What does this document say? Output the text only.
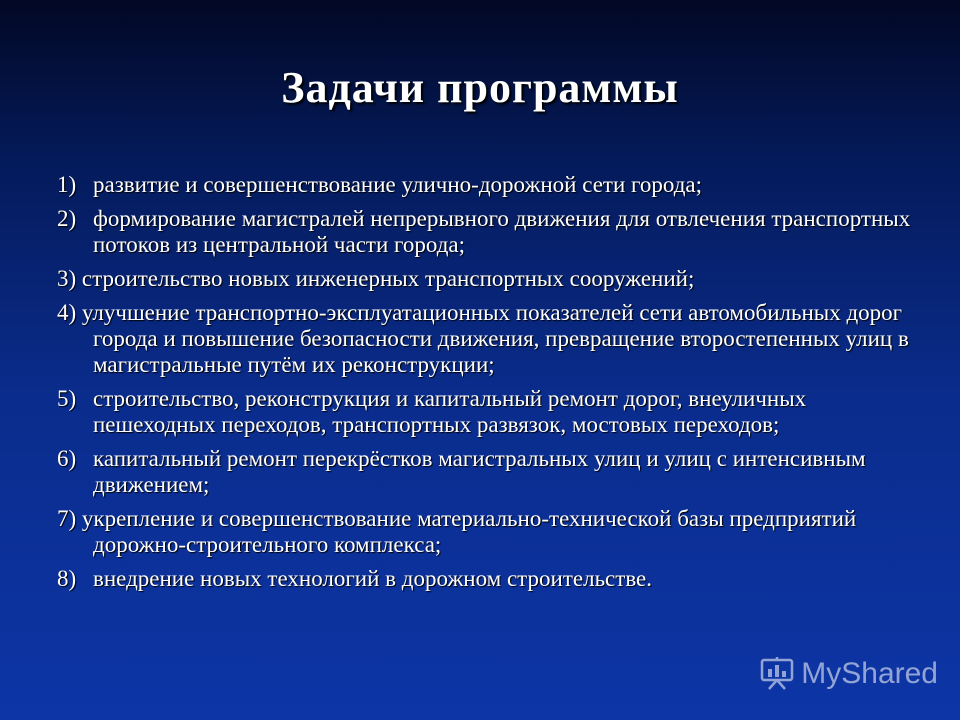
Задачи программы
1) развитие и совершенствование улично-дорожной сети города;
2) формирование магистралей непрерывного движения для отвлечения транспортных потоков из центральной части города;
3) строительство новых инженерных транспортных сооружений;
4) улучшение транспортно-эксплуатационных показателей сети автомобильных дорог города и повышение безопасности движения, превращение второстепенных улиц в магистральные путём их реконструкции;
5) строительство, реконструкция и капитальный ремонт дорог, внеуличных пешеходных переходов, транспортных развязок, мостовых переходов;
6) капитальный ремонт перекрёстков магистральных улиц и улиц с интенсивным движением;
7) укрепление и совершенствование материально-технической базы предприятий дорожно-строительного комплекса;
8) внедрение новых технологий в дорожном строительстве.
MyShared
